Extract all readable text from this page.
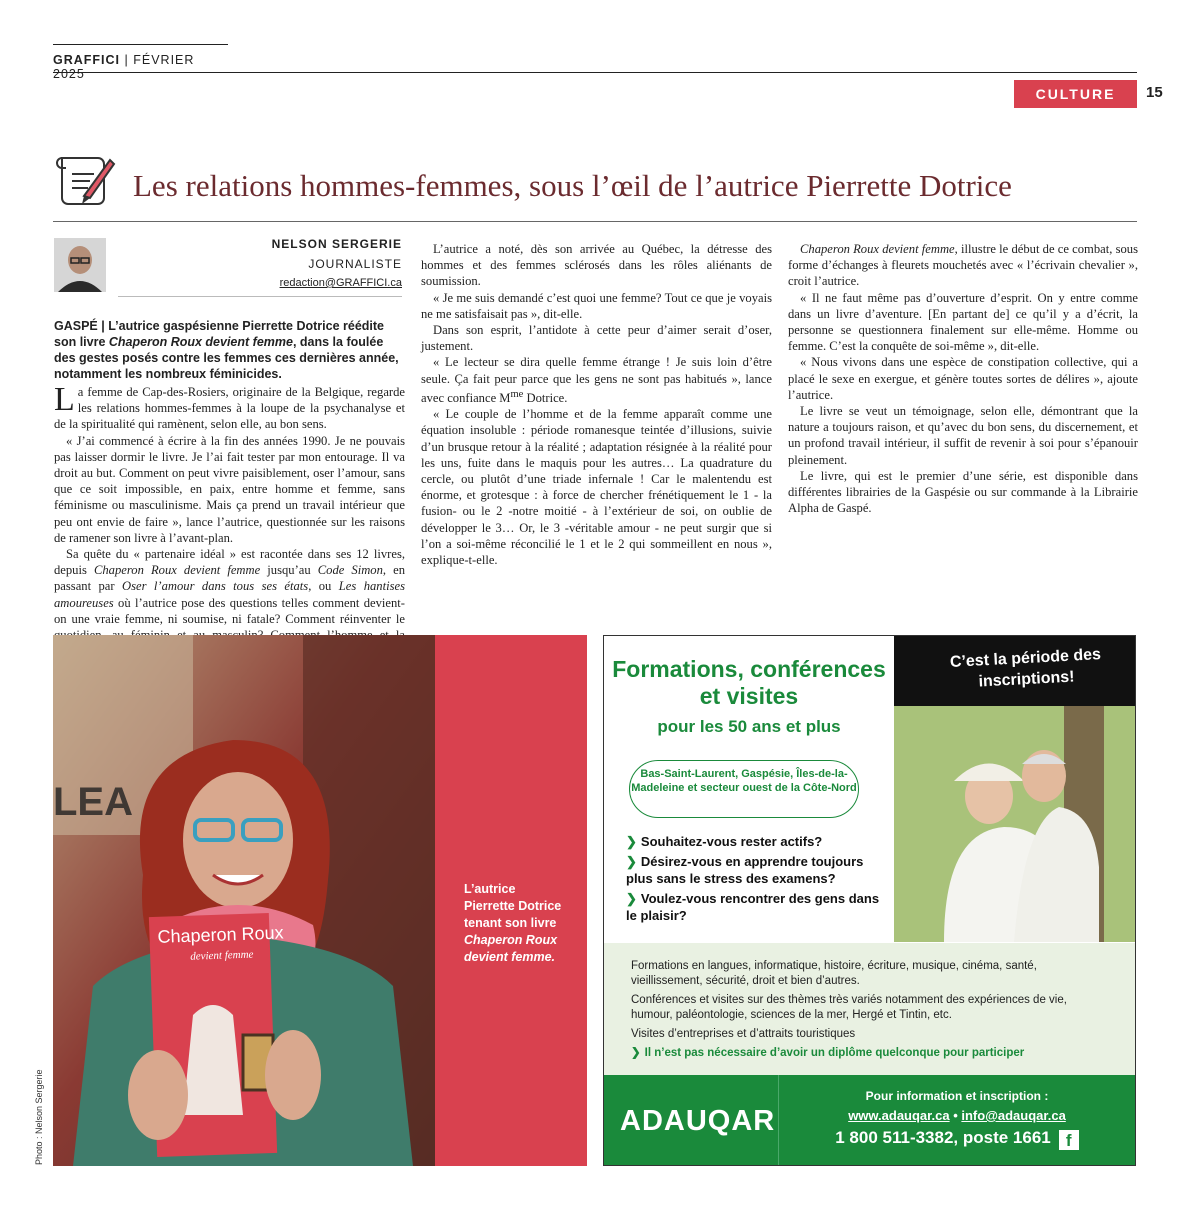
GRAFFICI | FÉVRIER 2025
CULTURE	15
Les relations hommes-femmes, sous l’œil de l’autrice Pierrette Dotrice
NELSON SERGERIE
JOURNALISTE
redaction@GRAFFICI.ca

GASPÉ | L’autrice gaspésienne Pierrette Dotrice réédite son livre Chaperon Roux devient femme, dans la foulée des gestes posés contre les femmes ces dernières année, notamment les nombreux féminicides.

La femme de Cap-des-Rosiers, originaire de la Belgique, regarde les relations hommes-femmes à la loupe de la psychanalyse et de la spiritualité qui ramènent, selon elle, au bon sens.

« J’ai commencé à écrire à la fin des années 1990. Je ne pouvais pas laisser dormir le livre. Je l’ai fait tester par mon entourage. Il va droit au but. Comment on peut vivre paisiblement, oser l’amour, sans que ce soit impossible, en paix, entre homme et femme, sans féminisme ou masculinisme. Mais ça prend un travail intérieur que peu ont envie de faire », lance l’autrice, questionnée sur les raisons de ramener son livre à l’avant-plan.

Sa quête du « partenaire idéal » est racontée dans ses 12 livres, depuis Chaperon Roux devient femme jusqu’au Code Simon, en passant par Oser l’amour dans tous ses états, ou Les hantises amoureuses où l’autrice pose des questions telles comment devient-on une vraie femme, ni soumise, ni fatale? Comment réinventer le

L’autrice a noté, dès son arrivée au Québec, la détresse des hommes et des femmes sclérosés dans les rôles aliénants de soumission.

« Je me suis demandé c’est quoi une femme? Tout ce que je voyais ne me satisfaisait pas », dit-elle.

Dans son esprit, l’antidote à cette peur d’aimer serait d’oser, justement.

« Le lecteur se dira quelle femme étrange ! Je suis loin d’être seule. Ça fait peur parce que les gens ne sont pas habitués », lance avec confiance $M^{me}$ Dotrice.

« Le couple de l’homme et de la femme apparaît comme une équation insoluble : période romanesque teintée d’illusions, suivie d’un brusque retour à la réalité ; adaptation résignée à la réalité pour les uns, fuite dans le maquis pour les autres… La quadrature du cercle, ou plutôt d’une triade infernale ! Car le malentendu est énorme, et grotesque : à force de chercher frénétiquement le 1 - la fusion- ou le 2 -notre moitié - à l’extérieur de soi, on oublie de développer le 3… Or, le 3 -véritable amour - ne peut surgir que si l’on a soi-même réconcilié le 1 et le 2 qui sommeillent en nous », explique-t-elle.

Chaperon Roux devient femme, illustre le début de ce combat, sous forme d’échanges à fleurets mouchetés avec « l’écrivain chevalier », croit l’autrice.

« Il ne faut même pas d’ouverture d’esprit. On y entre comme dans un livre d’aventure. [En partant de] ce qu’il y a d’écrit, la personne se questionnera finalement sur elle-même. Homme ou femme. C’est la conquête de soi-même », dit-elle.

« Nous vivons dans une espèce de constipation collective, qui a placé le sexe en exergue, et génère toutes sortes de délires », ajoute l’autrice.

Le livre se veut un témoignage, selon elle, démontrant que la nature a toujours raison, et qu’avec du bon sens, du discernement, et un profond travail intérieur, il suffit de revenir à soi pour s’épanouir pleinement.

Le livre, qui est le premier d’une série, est disponible dans différentes librairies de la Gaspésie ou sur commande à la Librairie Alpha de Gaspé.

LEA
Chaperon Roux
devient femme
L’autrice Pierrette Dotrice tenant son livre Chaperon Roux devient femme.
Photo : Nelson Sergerie
Formations, conférences et visites
pour les 50 ans et plus
Bas-Saint-Laurent, Gaspésie, Îles-de-la-Madeleine et secteur ouest de la Côte-Nord
❯ Souhaitez-vous rester actifs?
❯ Désirez-vous en apprendre toujours plus sans le stress des examens?
❯ Voulez-vous rencontrer des gens dans le plaisir?
C’est la période des inscriptions!

Formations en langues, informatique, histoire, écriture, musique, cinéma, santé, vieillissement, sécurité, droit et bien d’autres.

Conférences et visites sur des thèmes très variés notamment des expériences de vie, humour, paléontologie, sciences de la mer, Hergé et Tintin, etc.

Visites d’entreprises et d’attraits touristiques

❯ Il n’est pas nécessaire d’avoir un diplôme quelconque pour participer

ADAUQAR
Pour information et inscription :
www.adauqar.ca • info@adauqar.ca
1 800 511-3382, poste 1661 f
